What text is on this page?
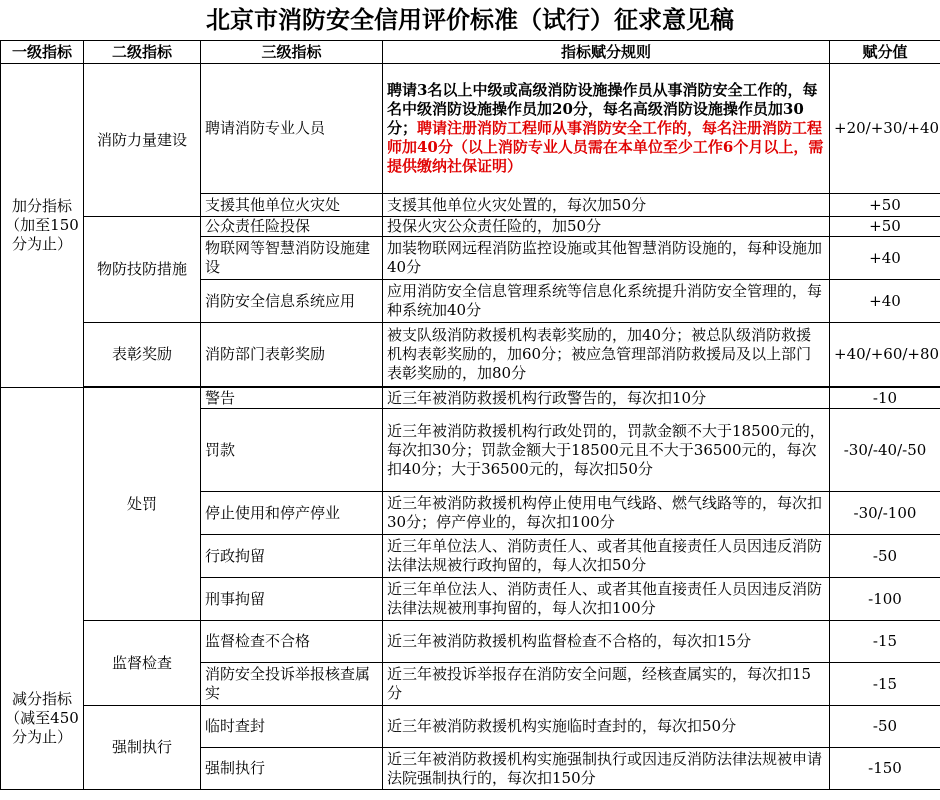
北京市消防安全信用评价标准（试行）征求意见稿
一级指标	二级指标	三级指标	指标赋分规则	赋分值
加分指标（加至150分为止）	消防力量建设	聘请消防专业人员	聘请3名以上中级或高级消防设施操作员从事消防安全工作的，每名中级消防设施操作员加20分，每名高级消防设施操作员加30分；聘请注册消防工程师从事消防安全工作的，每名注册消防工程师加40分（以上消防专业人员需在本单位至少工作6个月以上，需提供缴纳社保证明）	+20/+30/+40
		支援其他单位火灾处	支援其他单位火灾处置的，每次加50分	+50
	物防技防措施	公众责任险投保	投保火灾公众责任险的，加50分	+50
		物联网等智慧消防设施建设	加装物联网远程消防监控设施或其他智慧消防设施的，每种设施加40分	+40
		消防安全信息系统应用	应用消防安全信息管理系统等信息化系统提升消防安全管理的，每种系统加40分	+40
	表彰奖励	消防部门表彰奖励	被支队级消防救援机构表彰奖励的，加40分；被总队级消防救援机构表彰奖励的，加60分；被应急管理部消防救援局及以上部门表彰奖励的，加80分	+40/+60/+80

减分指标（减至450分为止）	处罚	警告	近三年被消防救援机构行政警告的，每次扣10分	-10
		罚款	近三年被消防救援机构行政处罚的，罚款金额不大于18500元的，每次扣30分；罚款金额大于18500元且不大于36500元的，每次扣40分；大于36500元的，每次扣50分	-30/-40/-50
		停止使用和停产停业	近三年被消防救援机构停止使用电气线路、燃气线路等的，每次扣30分；停产停业的，每次扣100分	-30/-100
		行政拘留	近三年单位法人、消防责任人、或者其他直接责任人员因违反消防法律法规被行政拘留的，每人次扣50分	-50
		刑事拘留	近三年单位法人、消防责任人、或者其他直接责任人员因违反消防法律法规被刑事拘留的，每人次扣100分	-100
	监督检查	监督检查不合格	近三年被消防救援机构监督检查不合格的，每次扣15分	-15
		消防安全投诉举报核查属实	近三年被投诉举报存在消防安全问题，经核查属实的，每次扣15分	-15
	强制执行	临时查封	近三年被消防救援机构实施临时查封的，每次扣50分	-50
		强制执行	近三年被消防救援机构实施强制执行或因违反消防法律法规被申请法院强制执行的，每次扣150分	-150
